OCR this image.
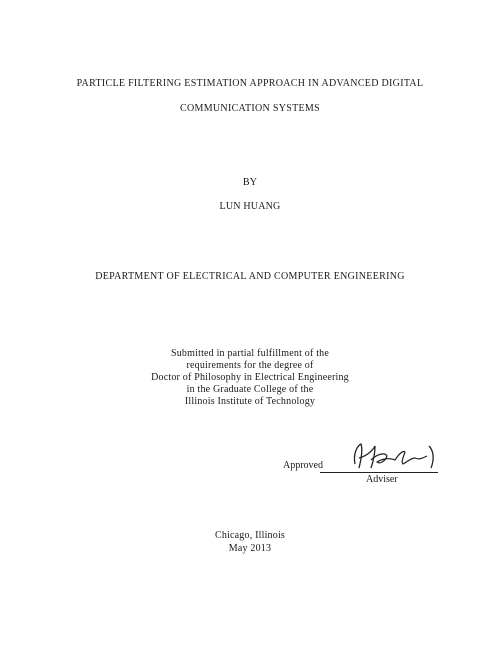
PARTICLE FILTERING ESTIMATION APPROACH IN ADVANCED DIGITAL
COMMUNICATION SYSTEMS
BY
LUN HUANG
DEPARTMENT OF ELECTRICAL AND COMPUTER ENGINEERING
Submitted in partial fulfillment of the
requirements for the degree of
Doctor of Philosophy in Electrical Engineering
in the Graduate College of the
Illinois Institute of Technology
Approved
Adviser
Chicago, Illinois
May 2013
